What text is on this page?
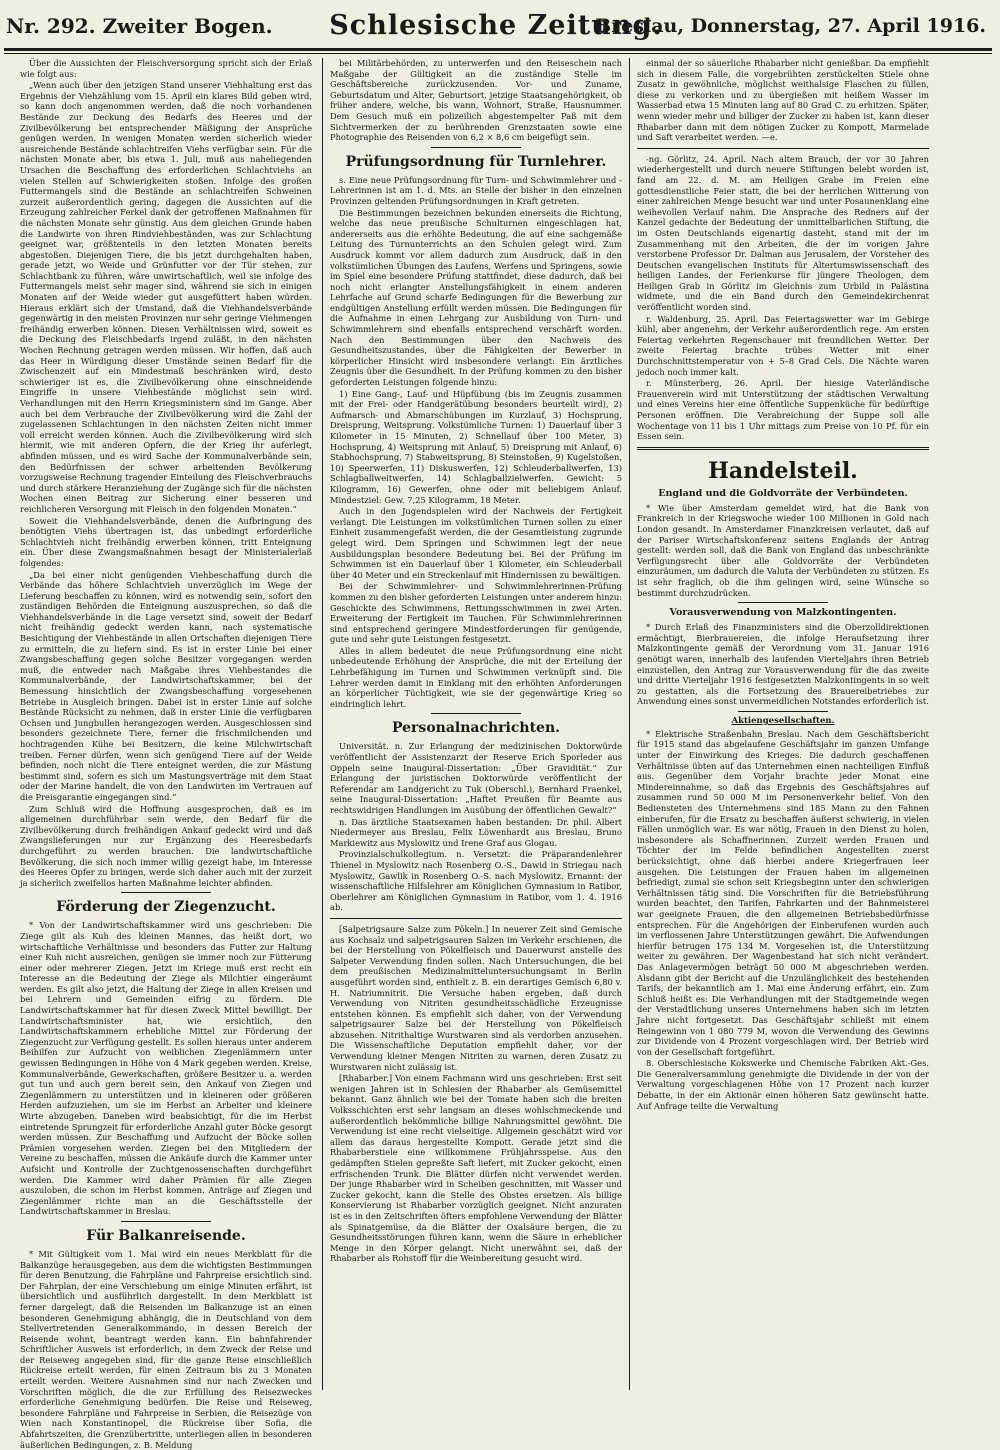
Nr. 292. Zweiter Bogen. Schlesische Zeitung.
Breslau, Donnerstag, 27. April 1916.

Über die Aussichten der Fleischversorgung spricht sich der Erlaß wie folgt aus:

„Wenn auch über den jetzigen Stand unserer Viehhaltung erst das Ergebnis der Viehzählung vom 15. April ein klares Bild geben wird, so kann doch angenommen werden, daß die noch vorhandenen Bestände zur Deckung des Bedarfs des Heeres und der Zivilbevölkerung bei entsprechender Mäßigung der Ansprüche genügen werden. In wenigen Monaten werden sicherlich wieder ausreichende Bestände schlachtreifen Viehs verfügbar sein. Für die nächsten Monate aber, bis etwa 1. Juli, muß aus naheliegenden Ursachen die Beschaffung des erforderlichen Schlachtviehs an vielen Stellen auf Schwierigkeiten stoßen. Infolge des großen Futtermangels sind die Bestände an schlachtreifen Schweinen zurzeit außerordentlich gering, dagegen die Aussichten auf die Erzeugung zahlreicher Ferkel dank der getroffenen Maßnahmen für die nächsten Monate sehr günstig. Aus dem gleichen Grunde haben die Landwirte von ihren Rindviehbeständen, was zur Schlachtung geeignet war, größtenteils in den letzten Monaten bereits abgestoßen. Diejenigen Tiere, die bis jetzt durchgehalten haben, gerade jetzt, wo Weide und Grünfutter vor der Tür stehen, zur Schlachtbank zu führen, wäre unwirtschaftlich, weil sie infolge des Futtermangels meist sehr mager sind, während sie sich in einigen Monaten auf der Weide wieder gut ausgefüttert haben würden. Hieraus erklärt sich der Umstand, daß die Viehhandelsverbände gegenwärtig in den meisten Provinzen nur sehr geringe Viehmengen freihändig erwerben können. Diesen Verhältnissen wird, soweit es die Deckung des Fleischbedarfs irgend zuläßt, in den nächsten Wochen Rechnung getragen werden müssen. Wir hoffen, daß auch das Heer in Würdigung dieser Umstände seinen Bedarf für die Zwischenzeit auf ein Mindestmaß beschränken wird, desto schwieriger ist es, die Zivilbevölkerung ohne einschneidende Eingriffe in unsere Viehbestände möglichst sein wird. Verhandlungen mit den Herrn Kriegsministern sind im Gange. Aber auch bei dem Verbrauche der Zivilbevölkerung wird die Zahl der zugelassenen Schlachtungen in den nächsten Zeiten nicht immer voll erreicht werden können. Auch die Zivilbevölkerung wird sich hiermit, wie mit anderen Opfern, die der Krieg ihr auferlegt, abfinden müssen, und es wird Sache der Kommunalverbände sein, den Bedürfnissen der schwer arbeitenden Bevölkerung vorzugsweise Rechnung tragender Einteilung des Fleischverbrauchs und durch stärkere Heranziehung der Zugänge sich für die nächsten Wochen einen Beitrag zur Sicherung einer besseren und reichlicheren Versorgung mit Fleisch in den folgenden Monaten.“

Soweit die Viehhandelsverbände, denen die Aufbringung des benötigten Viehs übertragen ist, das unbedingt erforderliche Schlachtvieh nicht freihändig erwerben können, tritt Enteignung ein. Über diese Zwangsmaßnahmen besagt der Ministerialerlaß folgendes:

„Da bei einer nicht genügenden Viehbeschaffung durch die Verbände das höhere Schlachtvieh unverzüglich im Wege der Lieferung beschaffen zu können, wird es notwendig sein, sofort den zuständigen Behörden die Enteignung auszusprechen, so daß die Viehhandelsverbände in die Lage versetzt sind, soweit der Bedarf nicht freihändig gedeckt werden kann, nach systematische Besichtigung der Viehbestände in allen Ortschaften diejenigen Tiere zu ermitteln, die zu liefern sind. Es ist in erster Linie bei einer Zwangsbeschaffung gegen solche Besitzer vorgegangen werden muß, die entweder nach Maßgabe ihres Viehbestandes die Kommunalverbände, der Landwirtschaftskammer, bei der Bemessung hinsichtlich der Zwangsbeschaffung vorgesehenen Betriebe in Ausgleich bringen. Dabei ist in erster Linie auf solche Bestände Rücksicht zu nehmen, daß in erster Linie die verfügbaren Ochsen und Jungbullen herangezogen werden. Ausgeschlossen sind besonders gezeichnete Tiere, ferner die frischmilchenden und hochtragenden Kühe bei Besitzern, die keine Milchwirtschaft treiben. Ferner dürfen, wenn sich genügend Tiere auf der Weide befinden, noch nicht die Tiere enteignet werden, die zur Mästung bestimmt sind, sofern es sich um Mastungsverträge mit dem Staat oder der Marine handelt, die von den Landwirten im Vertrauen auf die Preisgarantie eingegangen sind.“

Zum Schluß wird die Hoffnung ausgesprochen, daß es im allgemeinen durchführbar sein werde, den Bedarf für die Zivilbevölkerung durch freihändigen Ankauf gedeckt wird und daß Zwangslieferungen nur zur Ergänzung des Heeresbedarfs durchgeführt zu werden brauchen. Die landwirtschaftliche Bevölkerung, die sich noch immer willig gezeigt habe, im Interesse des Heeres Opfer zu bringen, werde sich daher auch mit der zurzeit ja sicherlich zweifellos harten Maßnahme leichter abfinden.

Förderung der Ziegenzucht.

* Von der Landwirtschaftskammer wird uns geschrieben: Die Ziege gilt als Kuh des kleinen Mannes, das heißt dort, wo wirtschaftliche Verhältnisse und besonders das Futter zur Haltung einer Kuh nicht ausreichen, genügen sie immer noch zur Fütterung einer oder mehrerer Ziegen. Jetzt im Kriege muß erst recht ein Interesse an die Bedeutung der Ziege als Milchtier eingeräumt werden. Es gilt also jetzt, die Haltung der Ziege in allen Kreisen und bei Lehrern und Gemeinden eifrig zu fördern. Die Landwirtschaftskammer hat für diesen Zweck Mittel bewilligt. Der Landwirtschaftsminister hat, wie ersichtlich, den Landwirtschaftskammern erhebliche Mittel zur Förderung der Ziegenzucht zur Verfügung gestellt. Es sollen hieraus unter anderem Beihilfen zur Aufzucht von weiblichen Ziegenlämmern unter gewissen Bedingungen in Höhe von 4 Mark gegeben werden. Kreise, Kommunalverbände, Gewerkschaften, größere Besitzer u. a. werden gut tun und auch gern bereit sein, den Ankauf von Ziegen und Ziegenlämmern zu unterstützen und in kleineren oder größeren Herden aufzuziehen, um sie im Herbst an Arbeiter und kleinere Wirte abzugeben. Daneben wird beabsichtigt, für die im Herbst eintretende Sprungzeit für erforderliche Anzahl guter Böcke gesorgt werden müssen. Zur Beschaffung und Aufzucht der Böcke sollen Prämien vorgesehen werden. Ziegen bei den Mitgliedern der Vereine zu beschaffen, müssen die Ankäufe durch die Kammer unter Aufsicht und Kontrolle der Zuchtgenossenschaften durchgeführt werden. Die Kammer wird daher Prämien für alle Ziegen auszuloben, die schon im Herbst kommen. Anträge auf Ziegen und Ziegenlämmer richte man an die Geschäftsstelle der Landwirtschaftskammer in Breslau.

Für Balkanreisende.

* Mit Gültigkeit vom 1. Mai wird ein neues Merkblatt für die Balkanzüge herausgegeben, aus dem die wichtigsten Bestimmungen für deren Benutzung, die Fahrpläne und Fahrpreise ersichtlich sind. Der Fahrplan, der eine Verschiebung um einige Minuten erfährt, ist übersichtlich und ausführlich dargestellt. In dem Merkblatt ist ferner dargelegt, daß die Reisenden im Balkanzuge ist an einen besonderen Genehmigung abhängig, die in Deutschland von dem Stellvertretenden Generalkommando, in dessen Bereich der Reisende wohnt, beantragt werden kann. Ein bahnfahrender Schriftlicher Ausweis ist erforderlich, in dem Zweck der Reise und der Reiseweg angegeben sind, für die ganze Reise einschließlich Rückreise erteilt werden, für einen Zeitraum bis zu 3 Monaten erteilt werden. Weitere Ausnahmen sind nur nach Zwecken und Vorschriften möglich, die die zur Erfüllung des Reisezweckes erforderliche Genehmigung bedürfen. Die Reise und Reiseweg, besondere Fahrpläne und Fahrpreise in Serbien, die Reisezüge von Wien nach Konstantinopel, die Rückreise über Sofia, die Abfahrtszeiten, die Grenzübertritte, unterliegen allen in besonderen äußerlichen Bedingungen, z. B. Meldung

bei Militärbehörden, zu unterwerfen und den Reiseschein nach Maßgabe der Gültigkeit an die zuständige Stelle im Geschäftsbereiche zurückzusenden. Vor- und Zuname, Geburtsdatum und Alter, Geburtsort, jetzige Staatsangehörigkeit, ob früher andere, welche, bis wann, Wohnort, Straße, Hausnummer. Dem Gesuch muß ein polizeilich abgestempelter Paß mit dem Sichtvermerken der zu berührenden Grenzstaaten sowie eine Photographie des Reisenden von 6,2 × 8,6 cm beigefügt sein.

Prüfungsordnung für Turnlehrer.

s. Eine neue Prüfungsordnung für Turn- und Schwimmlehrer und -Lehrerinnen ist am 1. d. Mts. an Stelle der bisher in den einzelnen Provinzen geltenden Prüfungsordnungen in Kraft getreten.

Die Bestimmungen bezeichnen bekunden einerseits die Richtung, welche das neue preußische Schulturnen eingeschlagen hat, andererseits aus die erhöhte Bedeutung, die auf eine sachgemäße Leitung des Turnunterrichts an den Schulen gelegt wird. Zum Ausdruck kommt vor allem dadurch zum Ausdruck, daß in den volkstümlichen Übungen des Laufens, Werfens und Springens, sowie im Spiel eine besondere Prüfung stattfindet, diese dadurch, daß bei noch nicht erlangter Anstellungsfähigkeit in einem anderen Lehrfache auf Grund scharfe Bedingungen für die Bewerbung zur endgültigen Anstellung erfüllt werden müssen. Die Bedingungen für die Aufnahme in einen Lehrgang zur Ausbildung von Turn- und Schwimmlehrern sind ebenfalls entsprechend verschärft worden. Nach den Bestimmungen über den Nachweis des Gesundheitszustandes, über die Fähigkeiten der Bewerber in körperlicher Hinsicht wird insbesondere verlangt: Ein ärztliches Zeugnis über die Gesundheit. In der Prüfung kommen zu den bisher geforderten Leistungen folgende hinzu:

1) Eine Gang-, Lauf- und Hüpfübung (bis im Zeugnis zusammen mit der Frei- oder Handgerätübung besonders beurteilt wird), 2) Aufmarsch- und Abmarschübungen im Kurzlauf, 3) Hochsprung, Dreisprung, Weitsprung. Volkstümliche Turnen: 1) Dauerlauf über 3 Kilometer in 15 Minuten, 2) Schnellauf über 100 Meter, 3) Hochsprung, 4) Weitsprung mit Anlauf, 5) Dreisprung mit Anlauf, 6) Stabhochsprung, 7) Stabweitsprung, 8) Steinstoßen, 9) Kugelstoßen, 10) Speerwerfen, 11) Diskuswerfen, 12) Schleuderballwerfen, 13) Schlagballweitwerfen, 14) Schlagballzielwerfen. Gewicht: 5 Kilogramm, 16) Gewerfen, ohne oder mit beliebigem Anlauf. Mindestziel: Gew. 7,25 Kilogramm, 18 Meter.

Auch in den Jugendspielen wird der Nachweis der Fertigkeit verlangt. Die Leistungen im volkstümlichen Turnen sollen zu einer Einheit zusammengefaßt werden, die der Gesamtleistung zugrunde gelegt wird. Dem Springen und Schwimmen legt der neue Ausbildungsplan besondere Bedeutung bei. Bei der Prüfung im Schwimmen ist ein Dauerlauf über 1 Kilometer, ein Schleuderball über 40 Meter und ein Streckenlauf mit Hindernissen zu bewältigen.

Bei der Schwimmlehrer- und Schwimmlehrerinnen-Prüfung kommen zu den bisher geforderten Leistungen unter anderem hinzu: Geschickte des Schwimmens, Rettungsschwimmen in zwei Arten. Erweiterung der Fertigkeit im Tauchen. Für Schwimmlehrerinnen sind entsprechend geringere Mindestforderungen für genügende, gute und sehr gute Leistungen festgesetzt.

Alles in allem bedeutet die neue Prüfungsordnung eine nicht unbedeutende Erhöhung der Ansprüche, die mit der Erteilung der Lehrbefähigung im Turnen und Schwimmen verknüpft sind. Die Lehrer werden damit in Einklang mit den erhöhten Anforderungen an körperlicher Tüchtigkeit, wie sie der gegenwärtige Krieg so eindringlich lehrt.

Personalnachrichten.

Universität. n. Zur Erlangung der medizinischen Doktorwürde veröffentlicht der Assistenzarzt der Reserve Erich Sporleder aus Oppeln seine Inaugural-Dissertation: „Über Gravidität.“ Zur Erlangung der juristischen Doktorwürde veröffentlicht der Referendar am Landgericht zu Tuk (Oberschl.), Bernhard Fraenkel, seine Inaugural-Dissertation: „Haftet Preußen für Beamte aus rechtswidrigen Handlungen im Ausübung der öffentlichen Gewalt?“

n. Das ärztliche Staatsexamen haben bestanden: Dr. phil. Albert Niedermeyer aus Breslau, Felix Löwenhardt aus Breslau, Bruno Markiewitz aus Myslowitz und Irene Graf aus Glogau.

Provinzialschulkollegium. n. Versetzt: die Präparandenlehrer Thienel in Myslowitz nach Rosenberg O.-S., Dawid in Striegau nach Myslowitz, Gawlik in Rosenberg O.-S. nach Myslowitz. Ernannt: der wissenschaftliche Hilfslehrer am Königlichen Gymnasium in Ratibor, Oberlehrer am Königlichen Gymnasium in Ratibor, vom 1. 4. 1916 ab.

[Salpetrigsaure Salze zum Pökeln.] In neuerer Zeit sind Gemische aus Kochsalz und salpetrigsauren Salzen im Verkehr erschienen, die bei der Herstellung von Pökelfleisch und Dauerwurst anstelle des Salpeter Verwendung finden sollen. Nach Untersuchungen, die bei dem preußischen Medizinalmitteluntersuchungsamt in Berlin ausgeführt worden sind, enthielt z. B. ein derartiges Gemisch 6,80 v. H. Natriumnitrit. Die Versuche haben ergeben, daß durch Verwendung von Nitriten gesundheitsschädliche Erzeugnisse entstehen können. Es empfiehlt sich daher, von der Verwendung salpetrigsaurer Salze bei der Herstellung von Pökelfleisch abzusehen. Nitrithaltige Wurstwaren sind als verdorben anzusehen. Die Wissenschaftliche Deputation empfiehlt daher, vor der Verwendung kleiner Mengen Nitriten zu warnen, deren Zusatz zu Wurstwaren nicht zulässig ist.

[Rhabarber.] Von einem Fachmann wird uns geschrieben: Erst seit wenigen Jahren ist in Schlesien der Rhabarber als Gemüsemittel bekannt. Ganz ähnlich wie bei der Tomate haben sich die breiten Volksschichten erst sehr langsam an dieses wohlschmeckende und außerordentlich bekömmliche billige Nahrungsmittel gewöhnt. Die Verwendung ist eine recht vielseitige. Allgemein geschätzt wird vor allem das daraus hergestellte Kompott. Gerade jetzt sind die Rhabarberstiele eine willkommene Frühjahrsspeise. Aus den gedämpften Stielen gepreßte Saft liefert, mit Zucker gekocht, einen erfrischenden Trunk. Die Blätter dürfen nicht verwendet werden. Der junge Rhabarber wird in Scheiben geschnitten, mit Wasser und Zucker gekocht, kann die Stelle des Obstes ersetzen. Als billige Konservierung ist Rhabarber vorzüglich geeignet. Nicht anzuraten ist es in den Zeitschriften öfters empfohlene Verwendung der Blätter als Spinatgemüse, da die Blätter der Oxalsäure bergen, die zu Gesundheitsstörungen führen kann, wenn die Säure in erheblicher Menge in den Körper gelangt. Nicht unerwähnt sei, daß der Rhabarber als Rohstoff für die Weinbereitung gesucht wird.

einmal der so säuerliche Rhabarber nicht genießbar. Da empfiehlt sich in diesem Falle, die vorgebrühten zerstückelten Stiele ohne Zusatz in gewöhnliche, möglichst weithalsige Flaschen zu füllen, diese zu verkorken und zu übergießen mit heißem Wasser im Wasserbad etwa 15 Minuten lang auf 80 Grad C. zu erhitzen. Später, wenn wieder mehr und billiger der Zucker zu haben ist, kann dieser Rhabarber dann mit dem nötigen Zucker zu Kompott, Marmelade und Saft verarbeitet werden. —e.

-ng. Görlitz, 24. April. Nach altem Brauch, der vor 30 Jahren wiederhergestellt und durch neuere Stiftungen belebt worden ist, fand am 22. d. M. am Heiligen Grabe im Freien eine gottesdienstliche Feier statt, die bei der herrlichen Witterung von einer zahlreichen Menge besucht war und unter Posaunenklang eine weihevollen Verlauf nahm. Die Ansprache des Redners auf der Kanzel gedachte der Bedeutung der unmittelbarlichen Stiftung, die im Osten Deutschlands eigenartig dasteht, stand mit der im Zusammenhang mit den Arbeiten, die der im vorigen Jahre verstorbene Professor Dr. Dalman aus Jerusalem, der Vorsteher des Deutschen evangelischen Instituts für Altertumswissenschaft des heiligen Landes, der Ferienkurse für jüngere Theologen, dem Heiligen Grab in Görlitz im Gleichnis zum Urbild in Palästina widmete, und die ein Band durch den Gemeindekirchenrat veröffentlicht worden sind.

r. Waldenburg, 25. April. Das Feiertagswetter war im Gebirge kühl, aber angenehm, der Verkehr außerordentlich rege. Am ersten Feiertag verkehrten Regenschauer mit freundlichen Wetter. Der zweite Feiertag brachte trübes Wetter mit einer Durchschnittstemperatur von + 5–8 Grad Cels. Die Nächte waren jedoch noch immer kalt.

r. Münsterberg, 26. April. Der hiesige Vaterländische Frauenverein wird mit Unterstützung der städtischen Verwaltung und eines Vereins hier eine öffentliche Suppenküche für bedürftige Personen eröffnen. Die Verabreichung der Suppe soll alle Wochentage von 11 bis 1 Uhr mittags zum Preise von 10 Pf. für ein Essen sein.

Handelsteil.
England und die Goldvorräte der Verbündeten.

* Wie über Amsterdam gemeldet wird, hat die Bank von Frankreich in der Kriegswoche wieder 100 Millionen in Gold nach London gesandt. In Amsterdamer Finanzkreisen verlautet, daß auf der Pariser Wirtschaftskonferenz seitens Englands der Antrag gestellt: werden soll, daß die Bank von England das unbeschränkte Verfügungsrecht über alle Goldvorräte der Verbündeten einzuräumen, um dadurch die Valuta der Verbündeten zu stützen. Es ist sehr fraglich, ob die ihm gelingen wird, seine Wünsche so bestimmt durchzudrücken.

Vorausverwendung von Malzkontingenten.

* Durch Erlaß des Finanzministers sind die Oberzolldirektionen ermächtigt, Bierbrauereien, die infolge Heraufsetzung ihrer Malzkontingente gemäß der Verordnung vom 31. Januar 1916 genötigt waren, innerhalb des laufenden Vierteljahrs ihren Betrieb einzustellen, den Antrag zur Vorausverwendung für die das zweite und dritte Vierteljahr 1916 festgesetzten Malzkontingents in so weit zu gestatten, als die Fortsetzung des Brauereibetriebes zur Anwendung eines sonst unvermeidlichen Notstandes erforderlich ist.

Aktiengesellschaften.

* Elektrische Straßenbahn Breslau. Nach dem Geschäftsbericht für 1915 stand das abgelaufene Geschäftsjahr im ganzen Umfange unter der Einwirkung des Krieges. Die dadurch geschaffenen Verhältnisse übten auf das Unternehmen einen nachteiligen Einfluß aus. Gegenüber dem Vorjahr brachte jeder Monat eine Mindereinnahme, so daß das Ergebnis des Geschäftsjahres auf zusammen rund 50 000 M im Personenverkehr belief. Von den Bediensteten des Unternehmens sind 185 Mann zu den Fahnen einberufen, für die Ersatz zu beschaffen äußerst schwierig, in vielen Fällen unmöglich war. Es war nötig, Frauen in den Dienst zu holen, insbesondere als Schaffnerinnen. Zurzeit werden Frauen und Töchter der im Felde befindlichen Angestellten zuerst berücksichtigt, ohne daß hierbei andere Kriegerfrauen leer ausgehen. Die Leistungen der Frauen haben im allgemeinen befriedigt, zumal sie schon seit Kriegsbeginn unter den schwierigen Verhältnissen tätig sind. Die Vorschriften für die Betriebsführung wurden beachtet, den Tarifen, Fahrkarten und der Bahnmeisterei war geeignete Frauen, die den allgemeinen Betriebsbedürfnisse entsprechen. Für die Angehörigen der Einberufenen wurden auch im verflossenen Jahre Unterstützungen gewährt. Die Aufwendungen hierfür betrugen 175 134 M. Vorgesehen ist, die Unterstützung weiter zu gewähren. Der Wagenbestand hat sich nicht verändert. Das Anlagevermögen beträgt 50 000 M abgeschrieben werden. Alsdann gibt der Bericht auf die Unzulänglichkeit des bestehenden Tarifs, der bekanntlich am 1. Mai eine Änderung erfährt, ein. Zum Schluß heißt es: Die Verhandlungen mit der Stadtgemeinde wegen der Verstadtlichung unseres Unternehmens haben sich im letzten Jahre nicht fortgesetzt. Das Geschäftsjahr schließt mit einem Reingewinn von 1 080 779 M, wovon die Verwendung des Gewinns zur Dividende von 4 Prozent vorgeschlagen wird. Der Betrieb wird von der Gesellschaft fortgeführt.

8. Oberschlesische Kokswerke und Chemische Fabriken Akt.-Ges. Die Generalversammlung genehmigte die Dividende in der von der Verwaltung vorgeschlagenen Höhe von 17 Prozent nach kurzer Debatte, in der ein Aktionär einen höheren Satz gewünscht hatte. Auf Anfrage teilte die Verwaltung
